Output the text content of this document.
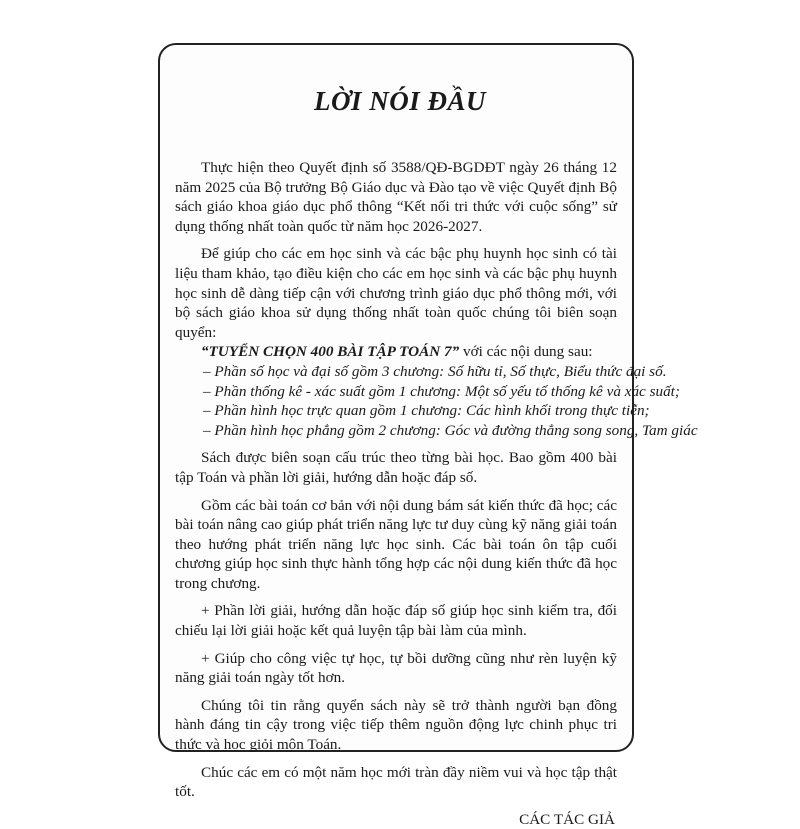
LỜI NÓI ĐẦU

Thực hiện theo Quyết định số 3588/QĐ-BGDĐT ngày 26 tháng 12 năm 2025 của Bộ trưởng Bộ Giáo dục và Đào tạo về việc Quyết định Bộ sách giáo khoa giáo dục phổ thông “Kết nối tri thức với cuộc sống” sử dụng thống nhất toàn quốc từ năm học 2026-2027.

Để giúp cho các em học sinh và các bậc phụ huynh học sinh có tài liệu tham khảo, tạo điều kiện cho các em học sinh và các bậc phụ huynh học sinh dễ dàng tiếp cận với chương trình giáo dục phổ thông mới, với bộ sách giáo khoa sử dụng thống nhất toàn quốc chúng tôi biên soạn quyển:

“TUYỂN CHỌN 400 BÀI TẬP TOÁN 7” với các nội dung sau:
– Phần số học và đại số gồm 3 chương: Số hữu tỉ, Số thực, Biểu thức đại số.
– Phần thống kê - xác suất gồm 1 chương: Một số yếu tố thống kê và xác suất;
– Phần hình học trực quan gồm 1 chương: Các hình khối trong thực tiễn;
– Phần hình học phẳng gồm 2 chương: Góc và đường thẳng song song, Tam giác

Sách được biên soạn cấu trúc theo từng bài học. Bao gồm 400 bài tập Toán và phần lời giải, hướng dẫn hoặc đáp số.

Gồm các bài toán cơ bản với nội dung bám sát kiến thức đã học; các bài toán nâng cao giúp phát triển năng lực tư duy cùng kỹ năng giải toán theo hướng phát triển năng lực học sinh. Các bài toán ôn tập cuối chương giúp học sinh thực hành tổng hợp các nội dung kiến thức đã học trong chương.

+ Phần lời giải, hướng dẫn hoặc đáp số giúp học sinh kiểm tra, đối chiếu lại lời giải hoặc kết quả luyện tập bài làm của mình.

+ Giúp cho công việc tự học, tự bồi dưỡng cũng như rèn luyện kỹ năng giải toán ngày tốt hơn.

Chúng tôi tin rằng quyển sách này sẽ trở thành người bạn đồng hành đáng tin cậy trong việc tiếp thêm nguồn động lực chinh phục tri thức và học giỏi môn Toán.

Chúc các em có một năm học mới tràn đầy niềm vui và học tập thật tốt.

CÁC TÁC GIẢ
